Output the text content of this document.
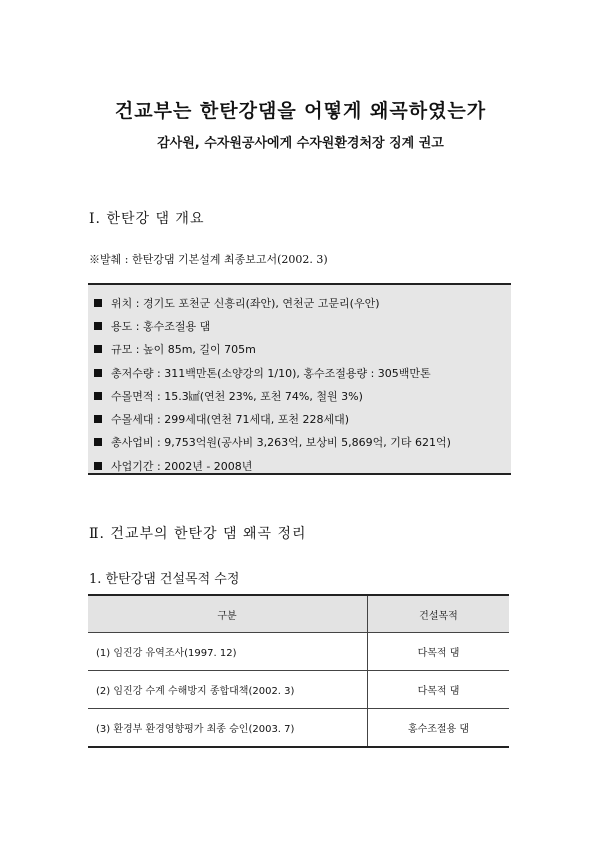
건교부는 한탄강댐을 어떻게 왜곡하였는가
감사원, 수자원공사에게 수자원환경처장 징계 권고
Ⅰ. 한탄강 댐 개요
※발췌 : 한탄강댐 기본설계 최종보고서(2002. 3)
위치 : 경기도 포천군 신흥리(좌안), 연천군 고문리(우안)
용도 : 홍수조절용 댐
규모 : 높이 85m, 길이 705m
총저수량 : 311백만톤(소양강의 1/10), 홍수조절용량 : 305백만톤
수몰면적 : 15.3㎢(연천 23%, 포천 74%, 철원 3%)
수몰세대 : 299세대(연천 71세대, 포천 228세대)
총사업비 : 9,753억원(공사비 3,263억, 보상비 5,869억, 기타 621억)
사업기간 : 2002년 - 2008년
Ⅱ. 건교부의 한탄강 댐 왜곡 정리
1. 한탄강댐 건설목적 수정
구분	건설목적
(1) 임진강 유역조사(1997. 12)	다목적 댐
(2) 임진강 수계 수해방지 종합대책(2002. 3)	다목적 댐
(3) 환경부 환경영향평가 최종 승인(2003. 7)	홍수조절용 댐
